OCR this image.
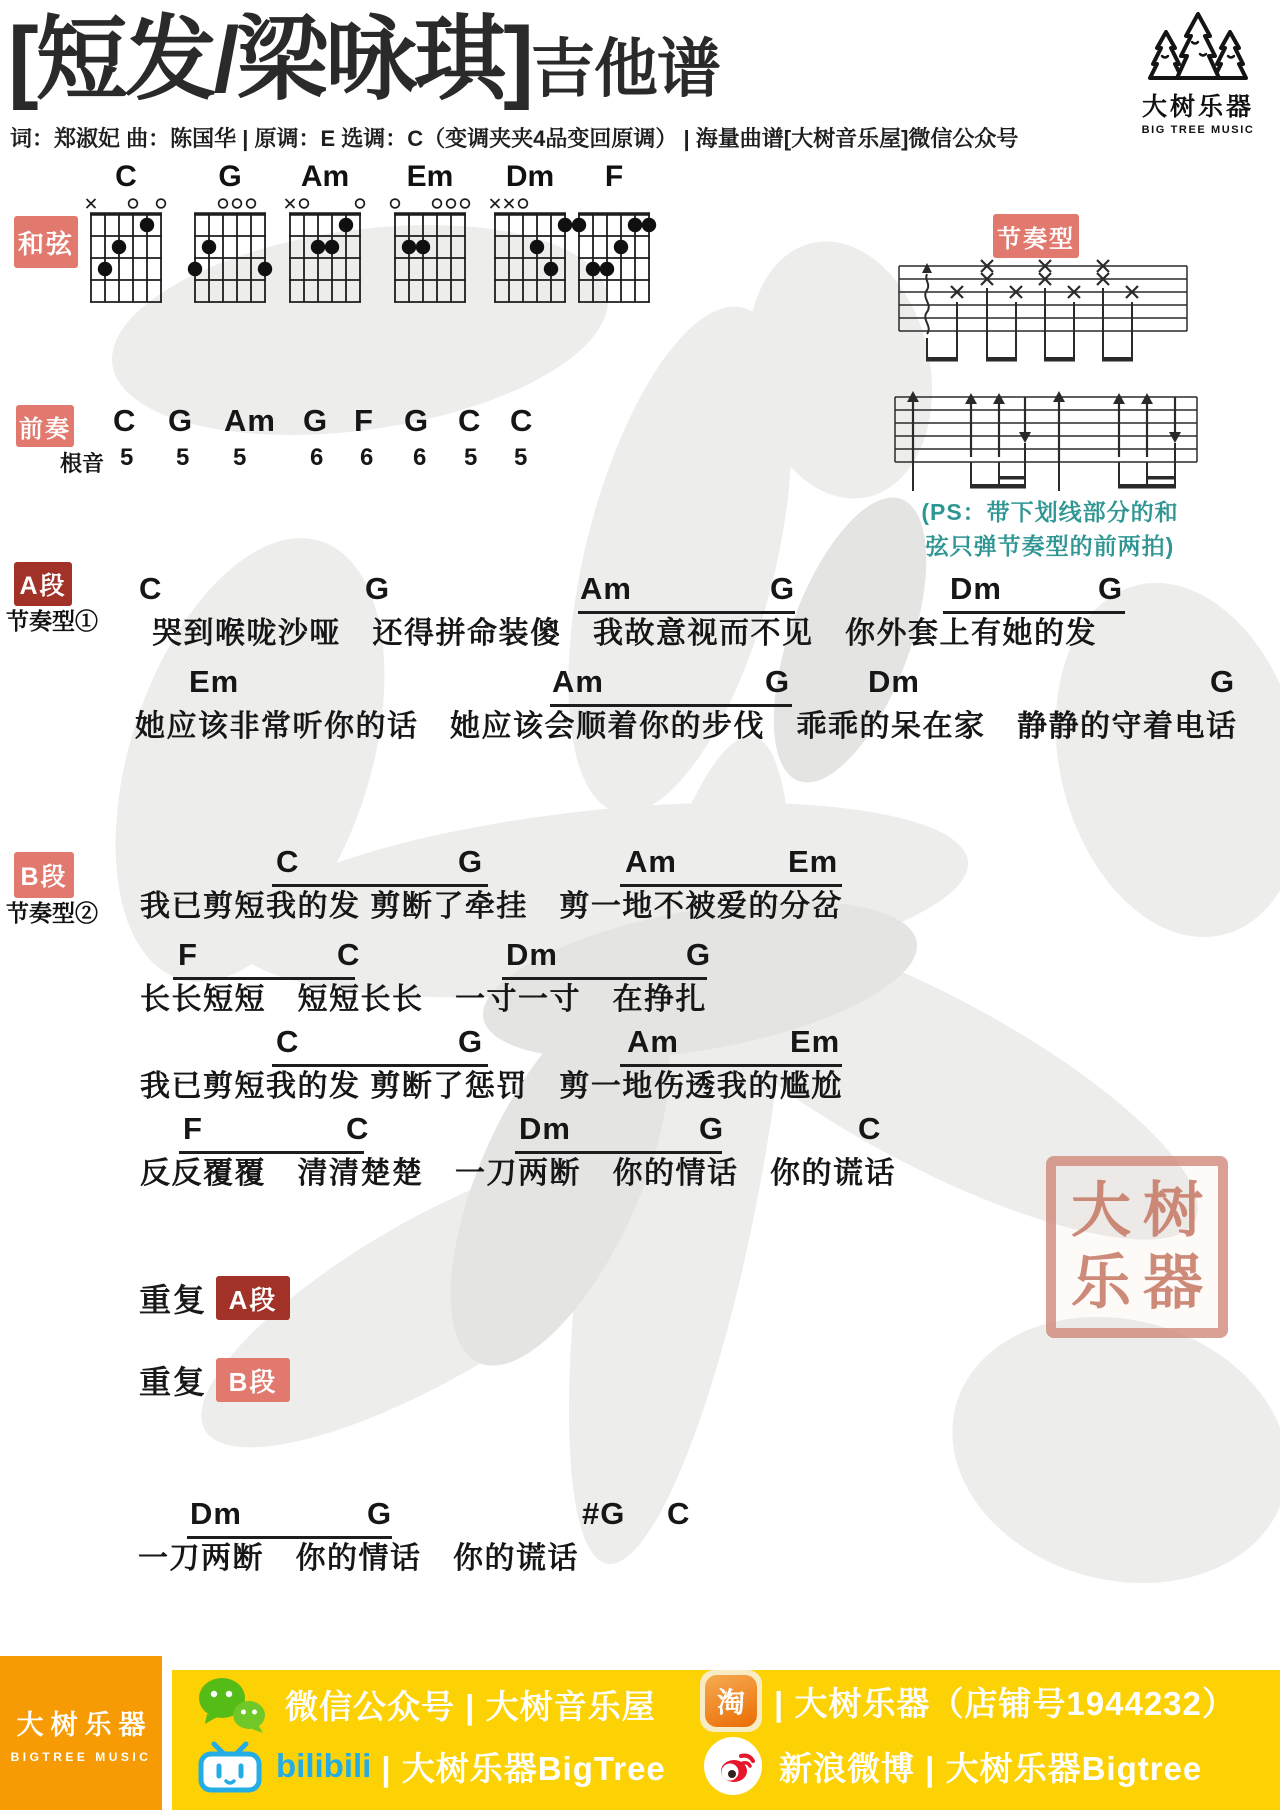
[短发/梁咏琪] 吉他谱
词：郑淑妃 曲：陈国华 | 原调：E 选调：C（变调夹夹4品变回原调） | 海量曲谱[大树音乐屋]微信公众号
大树乐器
BIG TREE MUSIC
和弦	节奏型
(PS：带下划线部分的和
弦只弹节奏型的前两拍)
前奏
根音
A段
节奏型①
B段
节奏型②
大树
乐器
重复 A段
重复 B段
大树乐器
BIGTREE MUSIC
微信公众号 | 大树音乐屋
bilibili | 大树乐器BigTree
淘 | 大树乐器（店铺号1944232）
新浪微博 | 大树乐器Bigtree
C	G	Am	Em	Dm	F
C G Am G F G C C
5 5 5	6 6 6 5 5
C	G	Am	G	Dm	G
哭到喉咙沙哑　还得拼命装傻　我故意视而不见　你外套上有她的发
Em	Am	G	Dm	G
她应该非常听你的话　她应该会顺着你的步伐　乖乖的呆在家　静静的守着电话
C	G	Am	Em
我已剪短我的发 剪断了牵挂　剪一地不被爱的分岔
F	C	Dm	G
长长短短　短短长长　一寸一寸　在挣扎
C	G	Am	Em
我已剪短我的发 剪断了惩罚　剪一地伤透我的尴尬
F	C	Dm	G	C
反反覆覆　清清楚楚　一刀两断　你的情话　你的谎话
Dm	G	#G C
一刀两断　你的情话　你的谎话
